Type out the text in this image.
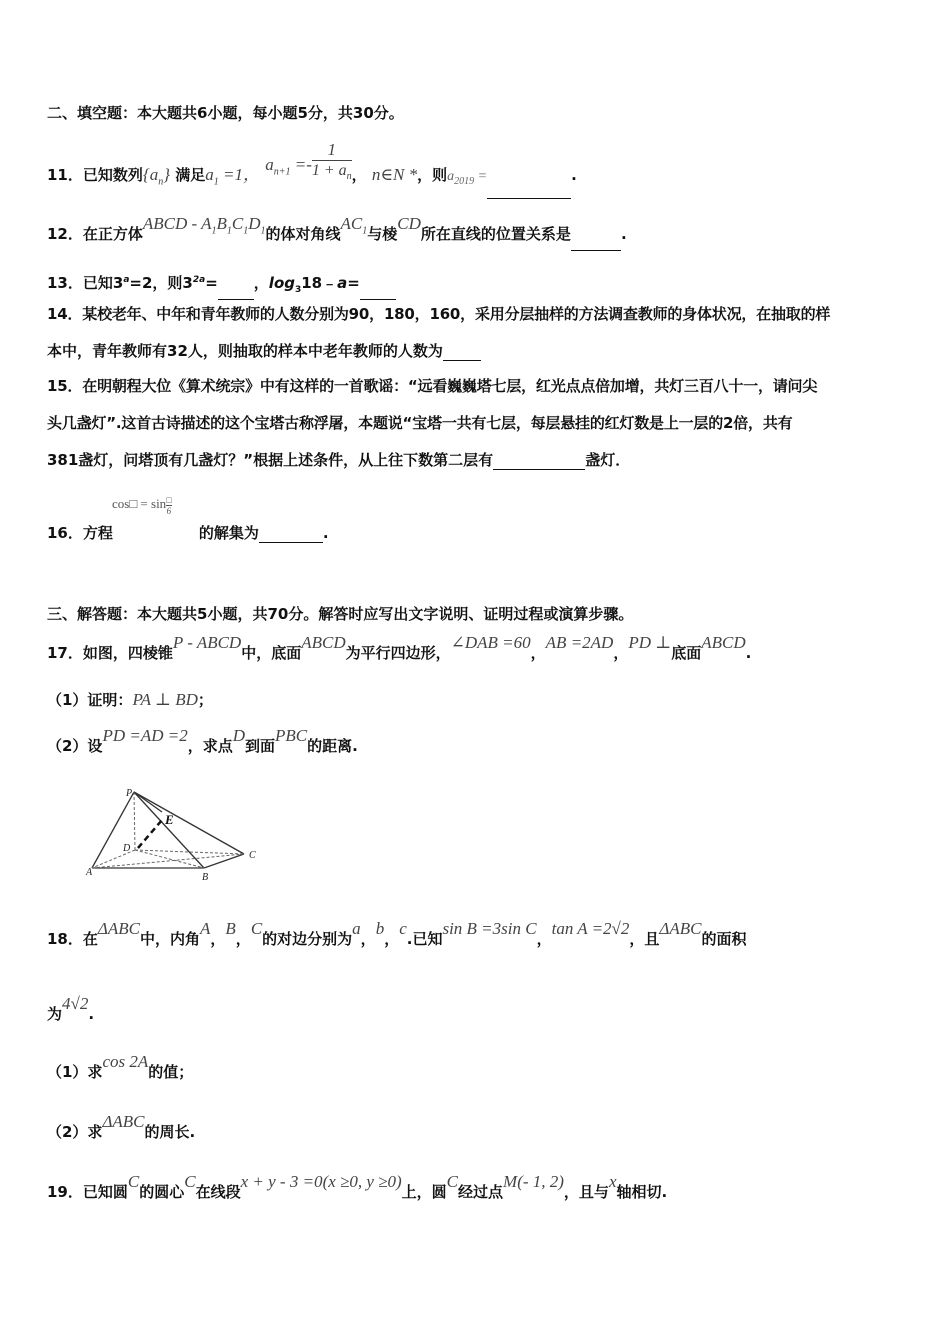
二、填空题：本大题共6小题，每小题5分，共30分。
11．已知数列$\{a_n\}$ 满足$a_1 =1$， $a_{n+1} =- \frac{1}{1 + a_n}$ ， n∈N *，则$a_{2019}$ =	.
12．在正方体ABCD - $A_1B_1C_1D_1$的体对角线$AC_1$与棱CD所在直线的位置关系是	.
13．已知$3^a=2$，则$3^{2a}=$ ，$\log_318﹣a=$
14．某校老年、中年和青年教师的人数分别为90，180，160，采用分层抽样的方法调查教师的身体状况，在抽取的样
本中，青年教师有32人，则抽取的样本中老年教师的人数为
15．在明朝程大位《算术统宗》中有这样的一首歌谣：“远看巍巍塔七层，红光点点倍加增，共灯三百八十一，请问尖
头几盏灯”.这首古诗描述的这个宝塔古称浮屠，本题说“宝塔一共有七层，每层悬挂的红灯数是上一层的2倍，共有
381盏灯，问塔顶有几盏灯？”根据上述条件，从上往下数第二层有	盏灯．
cos□ = sin □
6
16．方程	的解集为	.
三、解答题：本大题共5小题，共70分。解答时应写出文字说明、证明过程或演算步骤。
17．如图，四棱锥P - ABCD中，底面ABCD为平行四边形，∠DAB =60，AB =2AD，PD ⊥底面ABCD.
（1）证明：PA ⊥ BD；
（2）设PD =AD =2，求点D到面PBC的距离.
P
E
D
C
A	B
18．在ΔABC中，内角A，B，C的对边分别为a，b，c.已知sin B =3sin C，tan A =2√2，且ΔABC的面积
为4√2.
（1）求cos 2A的值；
（2）求ΔABC的周长.
19．已知圆C的圆心C在线段x + y - 3 =0(x ≥0, y ≥0)上，圆C经过点M(- 1, 2)，且与x轴相切.
